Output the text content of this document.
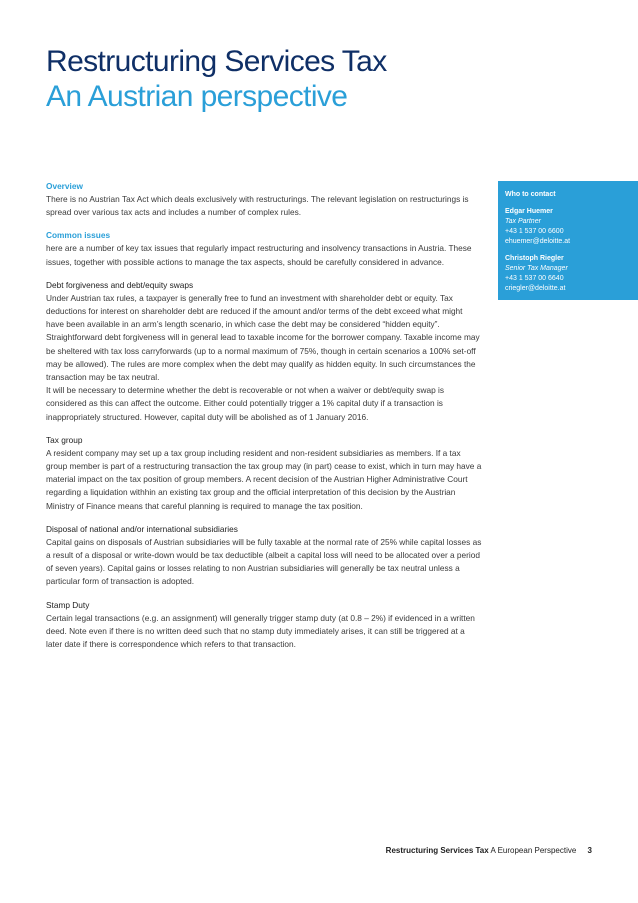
Restructuring Services Tax
An Austrian perspective
Overview

There is no Austrian Tax Act which deals exclusively with restructurings. The relevant legislation on restructurings is spread over various tax acts and includes a number of complex rules.

Common issues

here are a number of key tax issues that regularly impact restructuring and insolvency transactions in Austria. These issues, together with possible actions to manage the tax aspects, should be carefully considered in advance.

Debt forgiveness and debt/equity swaps

Under Austrian tax rules, a taxpayer is generally free to fund an investment with shareholder debt or equity. Tax deductions for interest on shareholder debt are reduced if the amount and/or terms of the debt exceed what might have been available in an arm’s length scenario, in which case the debt may be considered “hidden equity”.

Straightforward debt forgiveness will in general lead to taxable income for the borrower company. Taxable income may be sheltered with tax loss carryforwards (up to a normal maximum of 75%, though in certain scenarios a 100% set-off may be allowed). The rules are more complex when the debt may qualify as hidden equity. In such circumstances the transaction may be tax neutral.

It will be necessary to determine whether the debt is recoverable or not when a waiver or debt/equity swap is considered as this can affect the outcome. Either could potentially trigger a 1% capital duty if a transaction is inappropriately structured. However, capital duty will be abolished as of 1 January 2016.

Tax group

A resident company may set up a tax group including resident and non-resident subsidiaries as members. If a tax group member is part of a restructuring transaction the tax group may (in part) cease to exist, which in turn may have a material impact on the tax position of group members. A recent decision of the Austrian Higher Administrative Court regarding a liquidation withhin an existing tax group and the official interpretation of this decision by the Austrian Ministry of Finance means that careful planning is required to manage the tax position.

Disposal of national and/or international subsidiaries

Capital gains on disposals of Austrian subsidiaries will be fully taxable at the normal rate of 25% while capital losses as a result of a disposal or write-down would be tax deductible (albeit a capital loss will need to be allocated over a period of seven years). Capital gains or losses relating to non Austrian subsidiaries will generally be tax neutral unless a particular form of transaction is adopted.

Stamp Duty

Certain legal transactions (e.g. an assignment) will generally trigger stamp duty (at 0.8 – 2%) if evidenced in a written deed. Note even if there is no written deed such that no stamp duty immediately arises, it can still be triggered at a later date if there is correspondence which refers to that transaction.

Who to contact
Edgar Huemer
Tax Partner
+43 1 537 00 6600
ehuemer@deloitte.at
Christoph Riegler
Senior Tax Manager
+43 1 537 00 6640
criegler@deloitte.at
Restructuring Services Tax A European Perspective 3
